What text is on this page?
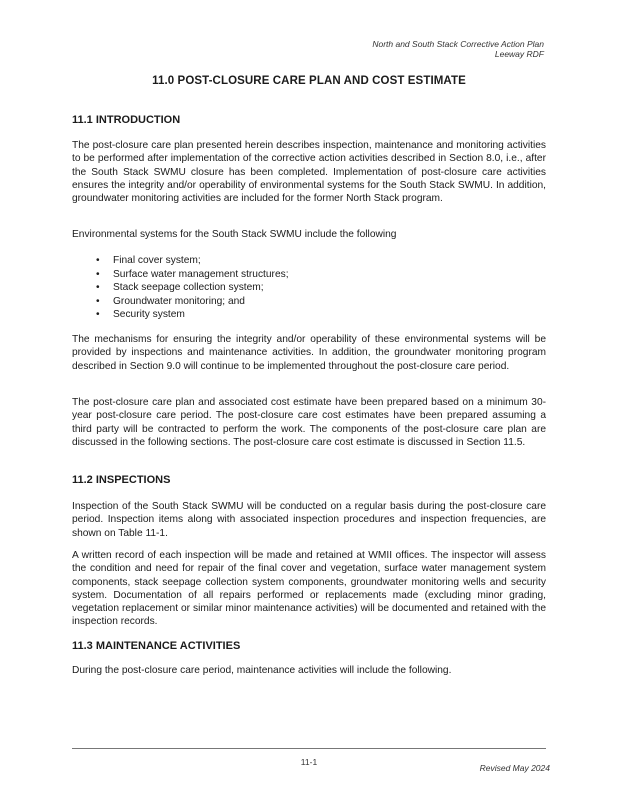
North and South Stack Corrective Action Plan
Leeway RDF
11.0 POST-CLOSURE CARE PLAN AND COST ESTIMATE
11.1 INTRODUCTION

The post-closure care plan presented herein describes inspection, maintenance and monitoring activities to be performed after implementation of the corrective action activities described in Section 8.0, i.e., after the South Stack SWMU closure has been completed. Implementation of post-closure care activities ensures the integrity and/or operability of environmental systems for the South Stack SWMU. In addition, groundwater monitoring activities are included for the former North Stack program.

Environmental systems for the South Stack SWMU include the following

• Final cover system;
• Surface water management structures;
• Stack seepage collection system;
• Groundwater monitoring; and
• Security system

The mechanisms for ensuring the integrity and/or operability of these environmental systems will be provided by inspections and maintenance activities. In addition, the groundwater monitoring program described in Section 9.0 will continue to be implemented throughout the post-closure care period.

The post-closure care plan and associated cost estimate have been prepared based on a minimum 30-year post-closure care period. The post-closure care cost estimates have been prepared assuming a third party will be contracted to perform the work. The components of the post-closure care plan are discussed in the following sections. The post-closure care cost estimate is discussed in Section 11.5.

11.2 INSPECTIONS

Inspection of the South Stack SWMU will be conducted on a regular basis during the post-closure care period. Inspection items along with associated inspection procedures and inspection frequencies, are shown on Table 11-1.

A written record of each inspection will be made and retained at WMII offices. The inspector will assess the condition and need for repair of the final cover and vegetation, surface water management system components, stack seepage collection system components, groundwater monitoring wells and security system. Documentation of all repairs performed or replacements made (excluding minor grading, vegetation replacement or similar minor maintenance activities) will be documented and retained with the inspection records.

11.3 MAINTENANCE ACTIVITIES

During the post-closure care period, maintenance activities will include the following.

11-1
Revised May 2024
